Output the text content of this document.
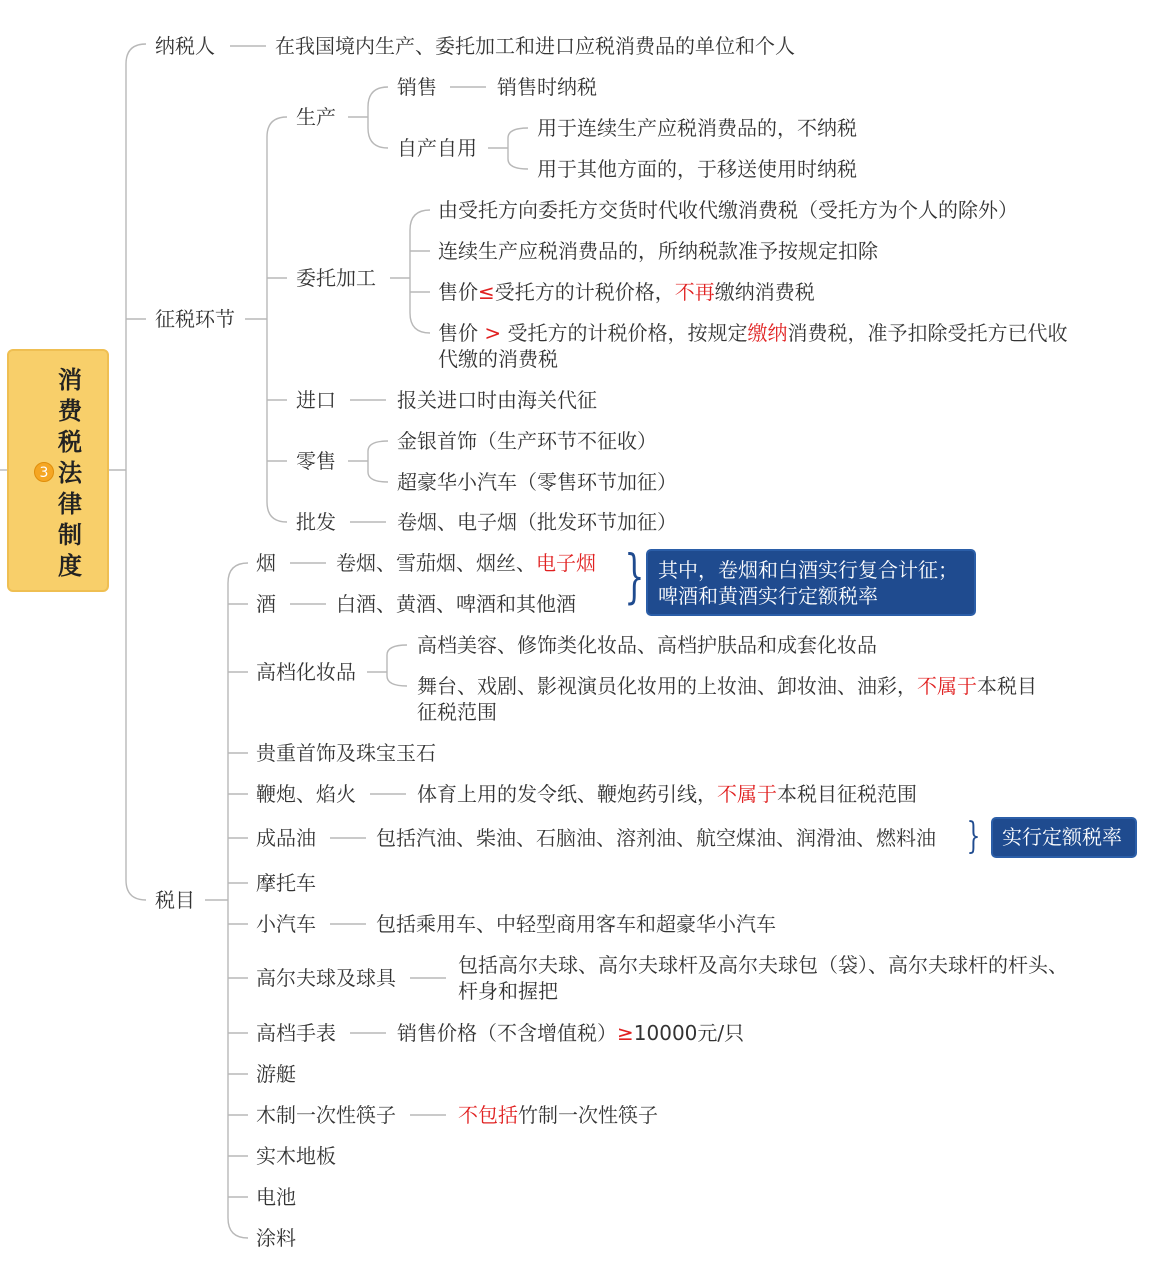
消费税法律制度
3
纳税人	在我国境内生产、委托加工和进口应税消费品的单位和个人
征税环节
生产
销售	销售时纳税
自产自用
用于连续生产应税消费品的，不纳税
用于其他方面的，于移送使用时纳税
委托加工
由受托方向委托方交货时代收代缴消费税（受托方为个人的除外）
连续生产应税消费品的，所纳税款准予按规定扣除
售价≤受托方的计税价格，不再缴纳消费税
售价 > 受托方的计税价格，按规定缴纳消费税，准予扣除受托方已代收
代缴的消费税
进口	报关进口时由海关代征
零售
金银首饰（生产环节不征收）
超豪华小汽车（零售环节加征）
批发	卷烟、电子烟（批发环节加征）
税目
烟	卷烟、雪茄烟、烟丝、电子烟
酒	白酒、黄酒、啤酒和其他酒 } 其中，卷烟和白酒实行复合计征；
啤酒和黄酒实行定额税率
高档化妆品
高档美容、修饰类化妆品、高档护肤品和成套化妆品
舞台、戏剧、影视演员化妆用的上妆油、卸妆油、油彩，不属于本税目
征税范围
贵重首饰及珠宝玉石
鞭炮、焰火	体育上用的发令纸、鞭炮药引线，不属于本税目征税范围
成品油	包括汽油、柴油、石脑油、溶剂油、航空煤油、润滑油、燃料油 }	实行定额税率
摩托车
小汽车	包括乘用车、中轻型商用客车和超豪华小汽车
高尔夫球及球具
包括高尔夫球、高尔夫球杆及高尔夫球包（袋）、高尔夫球杆的杆头、
杆身和握把
高档手表	销售价格（不含增值税）≥10000元/只
游艇
木制一次性筷子	不包括竹制一次性筷子
实木地板
电池
涂料
